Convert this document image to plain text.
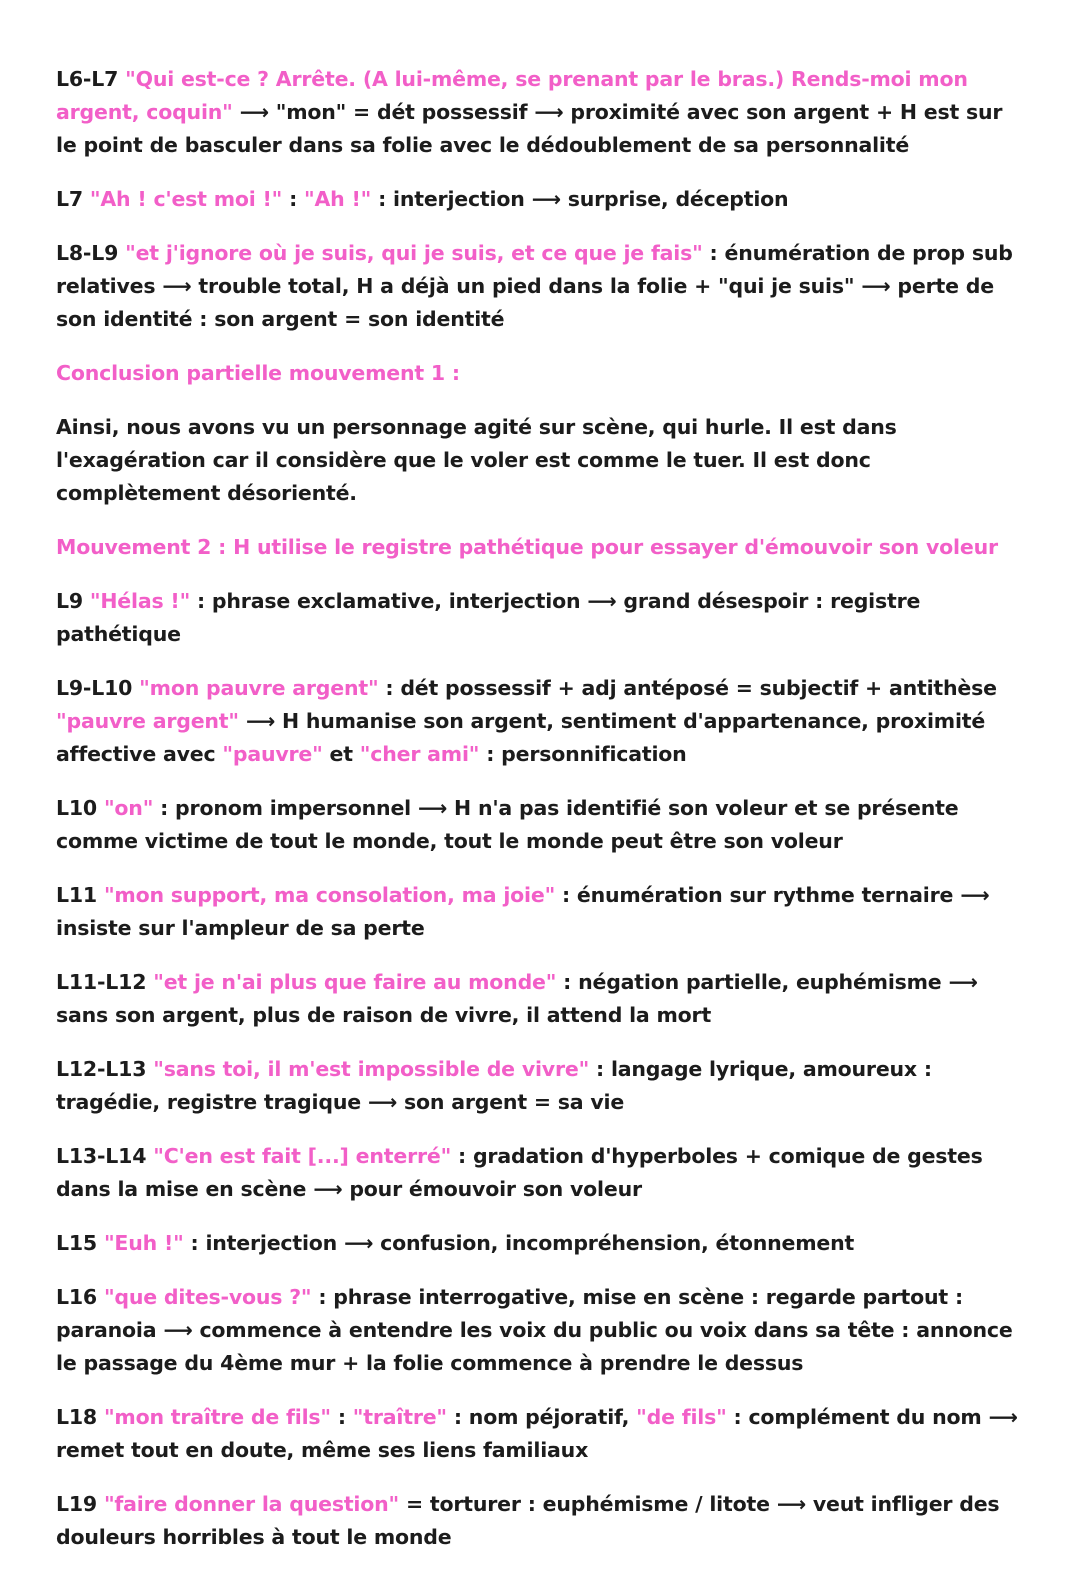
L6-L7 "Qui est-ce ? Arrête. (A lui-même, se prenant par le bras.) Rends-moi mon argent, coquin" ⟶ "mon" = dét possessif ⟶ proximité avec son argent + H est sur le point de basculer dans sa folie avec le dédoublement de sa personnalité

L7 "Ah ! c'est moi !" : "Ah !" : interjection ⟶ surprise, déception

L8-L9 "et j'ignore où je suis, qui je suis, et ce que je fais" : énumération de prop sub relatives ⟶ trouble total, H a déjà un pied dans la folie + "qui je suis" ⟶ perte de son identité : son argent = son identité

Conclusion partielle mouvement 1 :

Ainsi, nous avons vu un personnage agité sur scène, qui hurle. Il est dans l'exagération car il considère que le voler est comme le tuer. Il est donc complètement désorienté.

Mouvement 2 : H utilise le registre pathétique pour essayer d'émouvoir son voleur

L9 "Hélas !" : phrase exclamative, interjection ⟶ grand désespoir : registre pathétique

L9-L10 "mon pauvre argent" : dét possessif + adj antéposé = subjectif + antithèse "pauvre argent" ⟶ H humanise son argent, sentiment d'appartenance, proximité affective avec "pauvre" et "cher ami" : personnification

L10 "on" : pronom impersonnel ⟶ H n'a pas identifié son voleur et se présente comme victime de tout le monde, tout le monde peut être son voleur

L11 "mon support, ma consolation, ma joie" : énumération sur rythme ternaire ⟶ insiste sur l'ampleur de sa perte

L11-L12 "et je n'ai plus que faire au monde" : négation partielle, euphémisme ⟶ sans son argent, plus de raison de vivre, il attend la mort

L12-L13 "sans toi, il m'est impossible de vivre" : langage lyrique, amoureux : tragédie, registre tragique ⟶ son argent = sa vie

L13-L14 "C'en est fait [...] enterré" : gradation d'hyperboles + comique de gestes dans la mise en scène ⟶ pour émouvoir son voleur

L15 "Euh !" : interjection ⟶ confusion, incompréhension, étonnement

L16 "que dites-vous ?" : phrase interrogative, mise en scène : regarde partout : paranoia ⟶ commence à entendre les voix du public ou voix dans sa tête : annonce le passage du 4ème mur + la folie commence à prendre le dessus

L18 "mon traître de fils" : "traître" : nom péjoratif, "de fils" : complément du nom ⟶ remet tout en doute, même ses liens familiaux

L19 "faire donner la question" = torturer : euphémisme / litote ⟶ veut infliger des douleurs horribles à tout le monde
